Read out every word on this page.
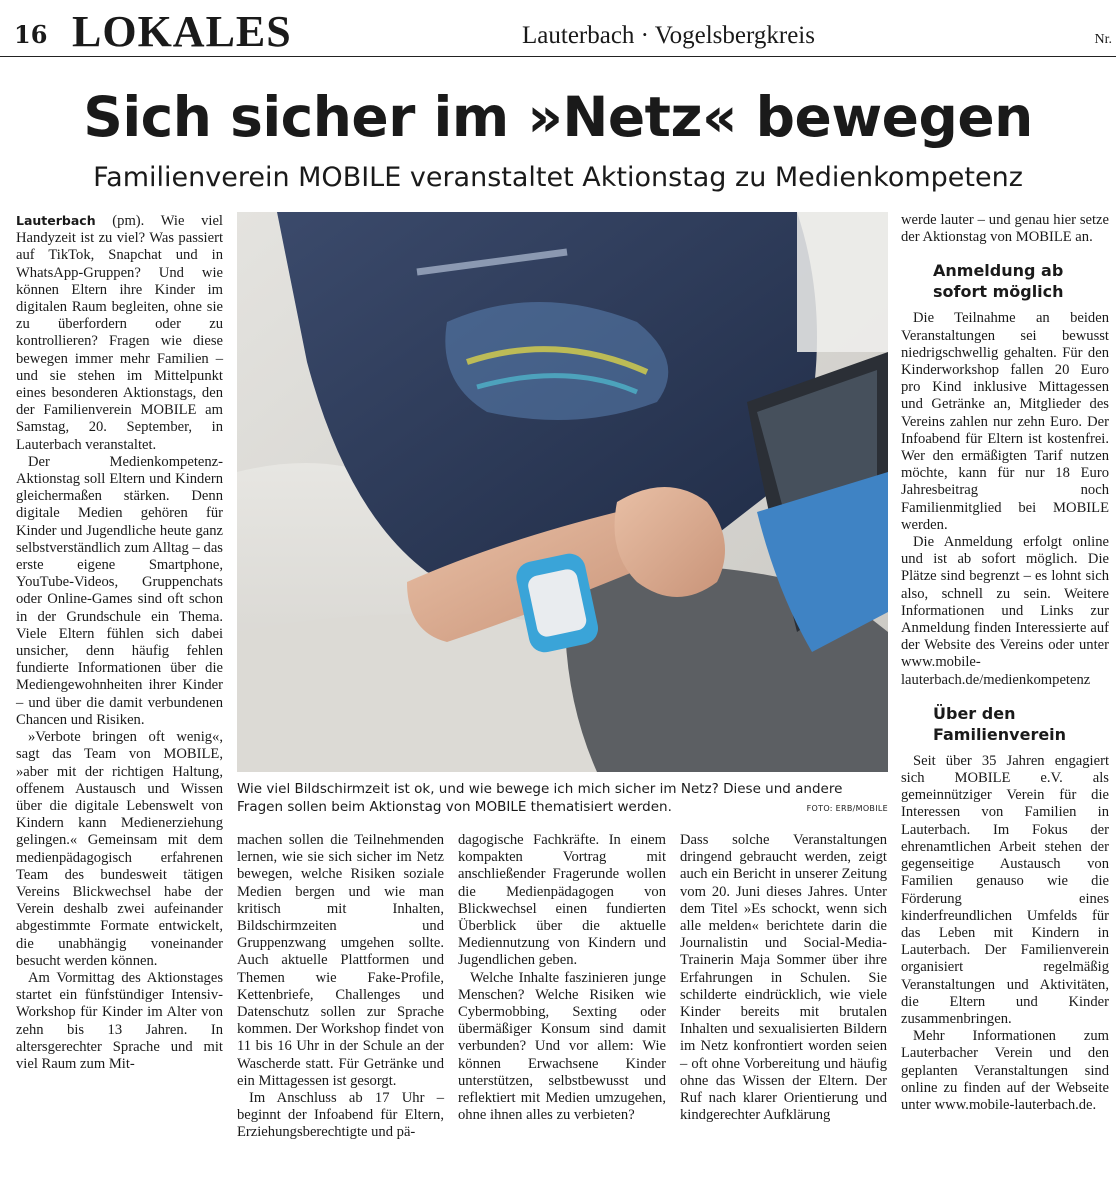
16 LOKALES	Lauterbach · Vogelsbergkreis	Nr.
Sich sicher im »Netz« bewegen
Familienverein MOBILE veranstaltet Aktionstag zu Medienkompetenz

Lauterbach (pm). Wie viel Handyzeit ist zu viel? Was passiert auf TikTok, Snapchat und in WhatsApp-Gruppen? Und wie können Eltern ihre Kinder im digitalen Raum begleiten, ohne sie zu überfordern oder zu kontrollieren? Fragen wie diese bewegen immer mehr Familien – und sie stehen im Mittelpunkt eines besonderen Aktionstags, den der Familienverein MOBILE am Samstag, 20. September, in Lauterbach veranstaltet.

Der Medienkompetenz-Aktionstag soll Eltern und Kindern gleichermaßen stärken. Denn digitale Medien gehören für Kinder und Jugendliche heute ganz selbstverständlich zum Alltag – das erste eigene Smartphone, YouTube-Videos, Gruppenchats oder Online-Games sind oft schon in der Grundschule ein Thema. Viele Eltern fühlen sich dabei unsicher, denn häufig fehlen fundierte Informationen über die Mediengewohnheiten ihrer Kinder – und über die damit verbundenen Chancen und Risiken.

»Verbote bringen oft wenig«, sagt das Team von MOBILE, »aber mit der richtigen Haltung, offenem Austausch und Wissen über die digitale Lebenswelt von Kindern kann Medienerziehung gelingen.« Gemeinsam mit dem medienpädagogisch erfahrenen Team des bundesweit tätigen Vereins Blickwechsel habe der Verein deshalb zwei aufeinander abgestimmte Formate entwickelt, die unabhängig voneinander besucht werden können.

Am Vormittag des Aktionstages startet ein fünfstündiger Intensiv-Workshop für Kinder im Alter von zehn bis 13 Jahren. In altersgerechter Sprache und mit viel Raum zum Mit-

Wie viel Bildschirmzeit ist ok, und wie bewege ich mich sicher im Netz? Diese und andere Fragen sollen beim Aktionstag von MOBILE thematisiert werden.	FOTO: ERB/MOBILE

machen sollen die Teilnehmenden lernen, wie sie sich sicher im Netz bewegen, welche Risiken soziale Medien bergen und wie man kritisch mit Inhalten, Bildschirmzeiten und Gruppenzwang umgehen sollte. Auch aktuelle Plattformen und Themen wie Fake-Profile, Kettenbriefe, Challenges und Datenschutz sollen zur Sprache kommen. Der Workshop findet von 11 bis 16 Uhr in der Schule an der Wascherde statt. Für Getränke und ein Mittagessen ist gesorgt.

Im Anschluss ab 17 Uhr – beginnt der Infoabend für Eltern, Erziehungsberechtigte und pä-

dagogische Fachkräfte. In einem kompakten Vortrag mit anschließender Fragerunde wollen die Medienpädagogen von Blickwechsel einen fundierten Überblick über die aktuelle Mediennutzung von Kindern und Jugendlichen geben.

Welche Inhalte faszinieren junge Menschen? Welche Risiken wie Cybermobbing, Sexting oder übermäßiger Konsum sind damit verbunden? Und vor allem: Wie können Erwachsene Kinder unterstützen, selbstbewusst und reflektiert mit Medien umzugehen, ohne ihnen alles zu verbieten?

Dass solche Veranstaltungen dringend gebraucht werden, zeigt auch ein Bericht in unserer Zeitung vom 20. Juni dieses Jahres. Unter dem Titel »Es schockt, wenn sich alle melden« berichtete darin die Journalistin und Social-Media-Trainerin Maja Sommer über ihre Erfahrungen in Schulen. Sie schilderte eindrücklich, wie viele Kinder bereits mit brutalen Inhalten und sexualisierten Bildern im Netz konfrontiert worden seien – oft ohne Vorbereitung und häufig ohne das Wissen der Eltern. Der Ruf nach klarer Orientierung und kindgerechter Aufklärung

werde lauter – und genau hier setze der Aktionstag von MOBILE an.

Anmeldung ab sofort möglich

Die Teilnahme an beiden Veranstaltungen sei bewusst niedrigschwellig gehalten. Für den Kinderworkshop fallen 20 Euro pro Kind inklusive Mittagessen und Getränke an, Mitglieder des Vereins zahlen nur zehn Euro. Der Infoabend für Eltern ist kostenfrei. Wer den ermäßigten Tarif nutzen möchte, kann für nur 18 Euro Jahresbeitrag noch Familienmitglied bei MOBILE werden.

Die Anmeldung erfolgt online und ist ab sofort möglich. Die Plätze sind begrenzt – es lohnt sich also, schnell zu sein. Weitere Informationen und Links zur Anmeldung finden Interessierte auf der Website des Vereins oder unter www.mobile-lauterbach.de/medienkompetenz

Über den Familienverein

Seit über 35 Jahren engagiert sich MOBILE e.V. als gemeinnütziger Verein für die Interessen von Familien in Lauterbach. Im Fokus der ehrenamtlichen Arbeit stehen der gegenseitige Austausch von Familien genauso wie die Förderung eines kinderfreundlichen Umfelds für das Leben mit Kindern in Lauterbach. Der Familienverein organisiert regelmäßig Veranstaltungen und Aktivitäten, die Eltern und Kinder zusammenbringen.

Mehr Informationen zum Lauterbacher Verein und den geplanten Veranstaltungen sind online zu finden auf der Webseite unter www.mobile-lauterbach.de.
